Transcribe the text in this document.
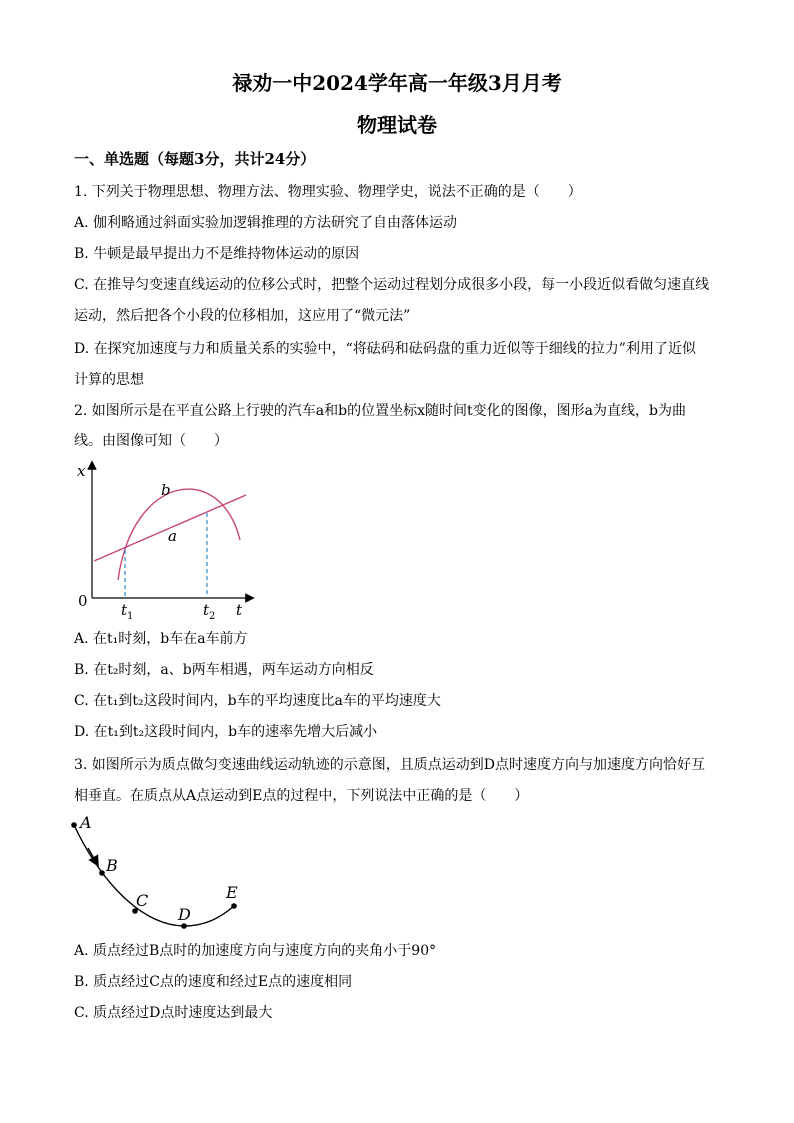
禄劝一中2024学年高一年级3月月考
物理试卷
一、单选题（每题3分，共计24分）
1. 下列关于物理思想、物理方法、物理实验、物理学史，说法不正确的是（　　）
A. 伽利略通过斜面实验加逻辑推理的方法研究了自由落体运动
B. 牛顿是最早提出力不是维持物体运动的原因
C. 在推导匀变速直线运动的位移公式时，把整个运动过程划分成很多小段，每一小段近似看做匀速直线
运动，然后把各个小段的位移相加，这应用了“微元法”
D. 在探究加速度与力和质量关系的实验中，“将砝码和砝码盘的重力近似等于细线的拉力”利用了近似
计算的思想
2. 如图所示是在平直公路上行驶的汽车a和b的位置坐标x随时间t变化的图像，图形a为直线，b为曲
线。由图像可知（　　）
x
0
b
a
$t_1$	$t_2$ t
A. 在t₁时刻，b车在a车前方
B. 在t₂时刻，a、b两车相遇，两车运动方向相反
C. 在t₁到t₂这段时间内，b车的平均速度比a车的平均速度大
D. 在t₁到t₂这段时间内，b车的速率先增大后减小
3. 如图所示为质点做匀变速曲线运动轨迹的示意图，且质点运动到D点时速度方向与加速度方向恰好互
相垂直。在质点从A点运动到E点的过程中，下列说法中正确的是（　　）
A
B
C
D
E
A. 质点经过B点时的加速度方向与速度方向的夹角小于90°
B. 质点经过C点的速度和经过E点的速度相同
C. 质点经过D点时速度达到最大
